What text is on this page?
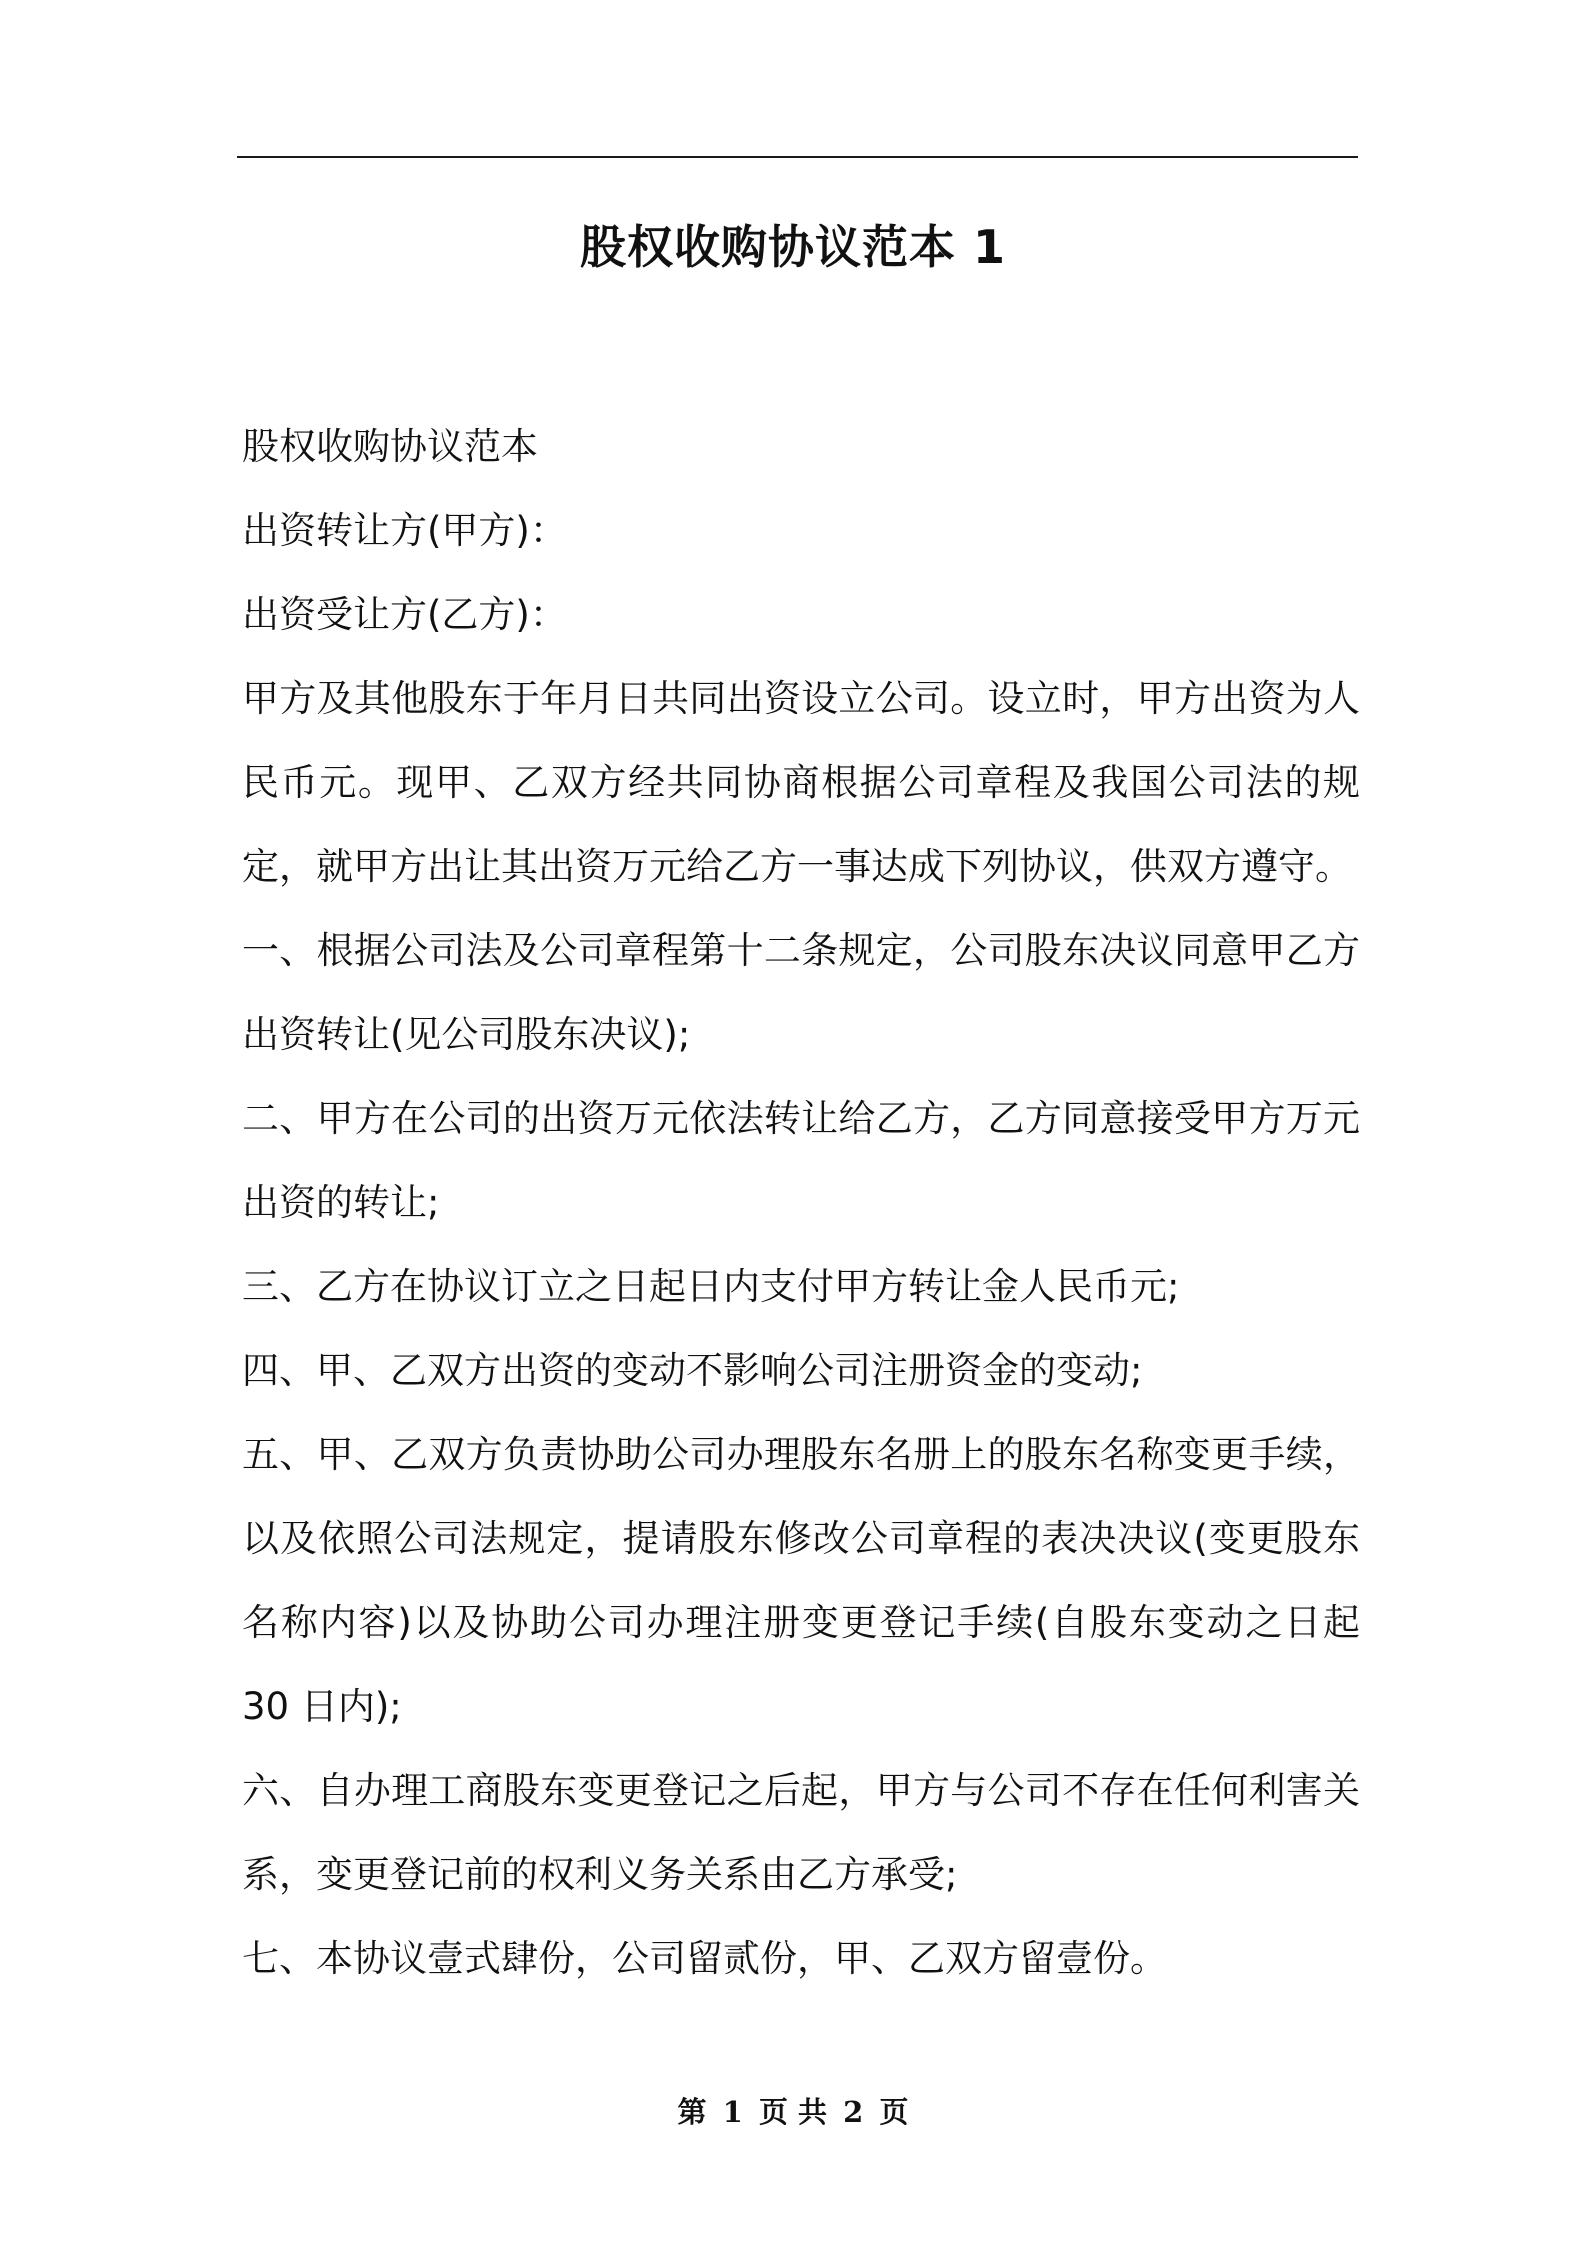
股权收购协议范本 1

股权收购协议范本

出资转让方(甲方)：

出资受让方(乙方)：

甲方及其他股东于年月日共同出资设立公司。设立时，甲方出资为人民币元。现甲、乙双方经共同协商根据公司章程及我国公司法的规定，就甲方出让其出资万元给乙方一事达成下列协议，供双方遵守。

一、根据公司法及公司章程第十二条规定，公司股东决议同意甲乙方出资转让(见公司股东决议);

二、甲方在公司的出资万元依法转让给乙方，乙方同意接受甲方万元出资的转让;

三、乙方在协议订立之日起日内支付甲方转让金人民币元;

四、甲、乙双方出资的变动不影响公司注册资金的变动;

五、甲、乙双方负责协助公司办理股东名册上的股东名称变更手续，以及依照公司法规定，提请股东修改公司章程的表决决议(变更股东名称内容)以及协助公司办理注册变更登记手续(自股东变动之日起 30 日内);

六、自办理工商股东变更登记之后起，甲方与公司不存在任何利害关系，变更登记前的权利义务关系由乙方承受;

七、本协议壹式肆份，公司留贰份，甲、乙双方留壹份。

第 1 页 共 2 页
